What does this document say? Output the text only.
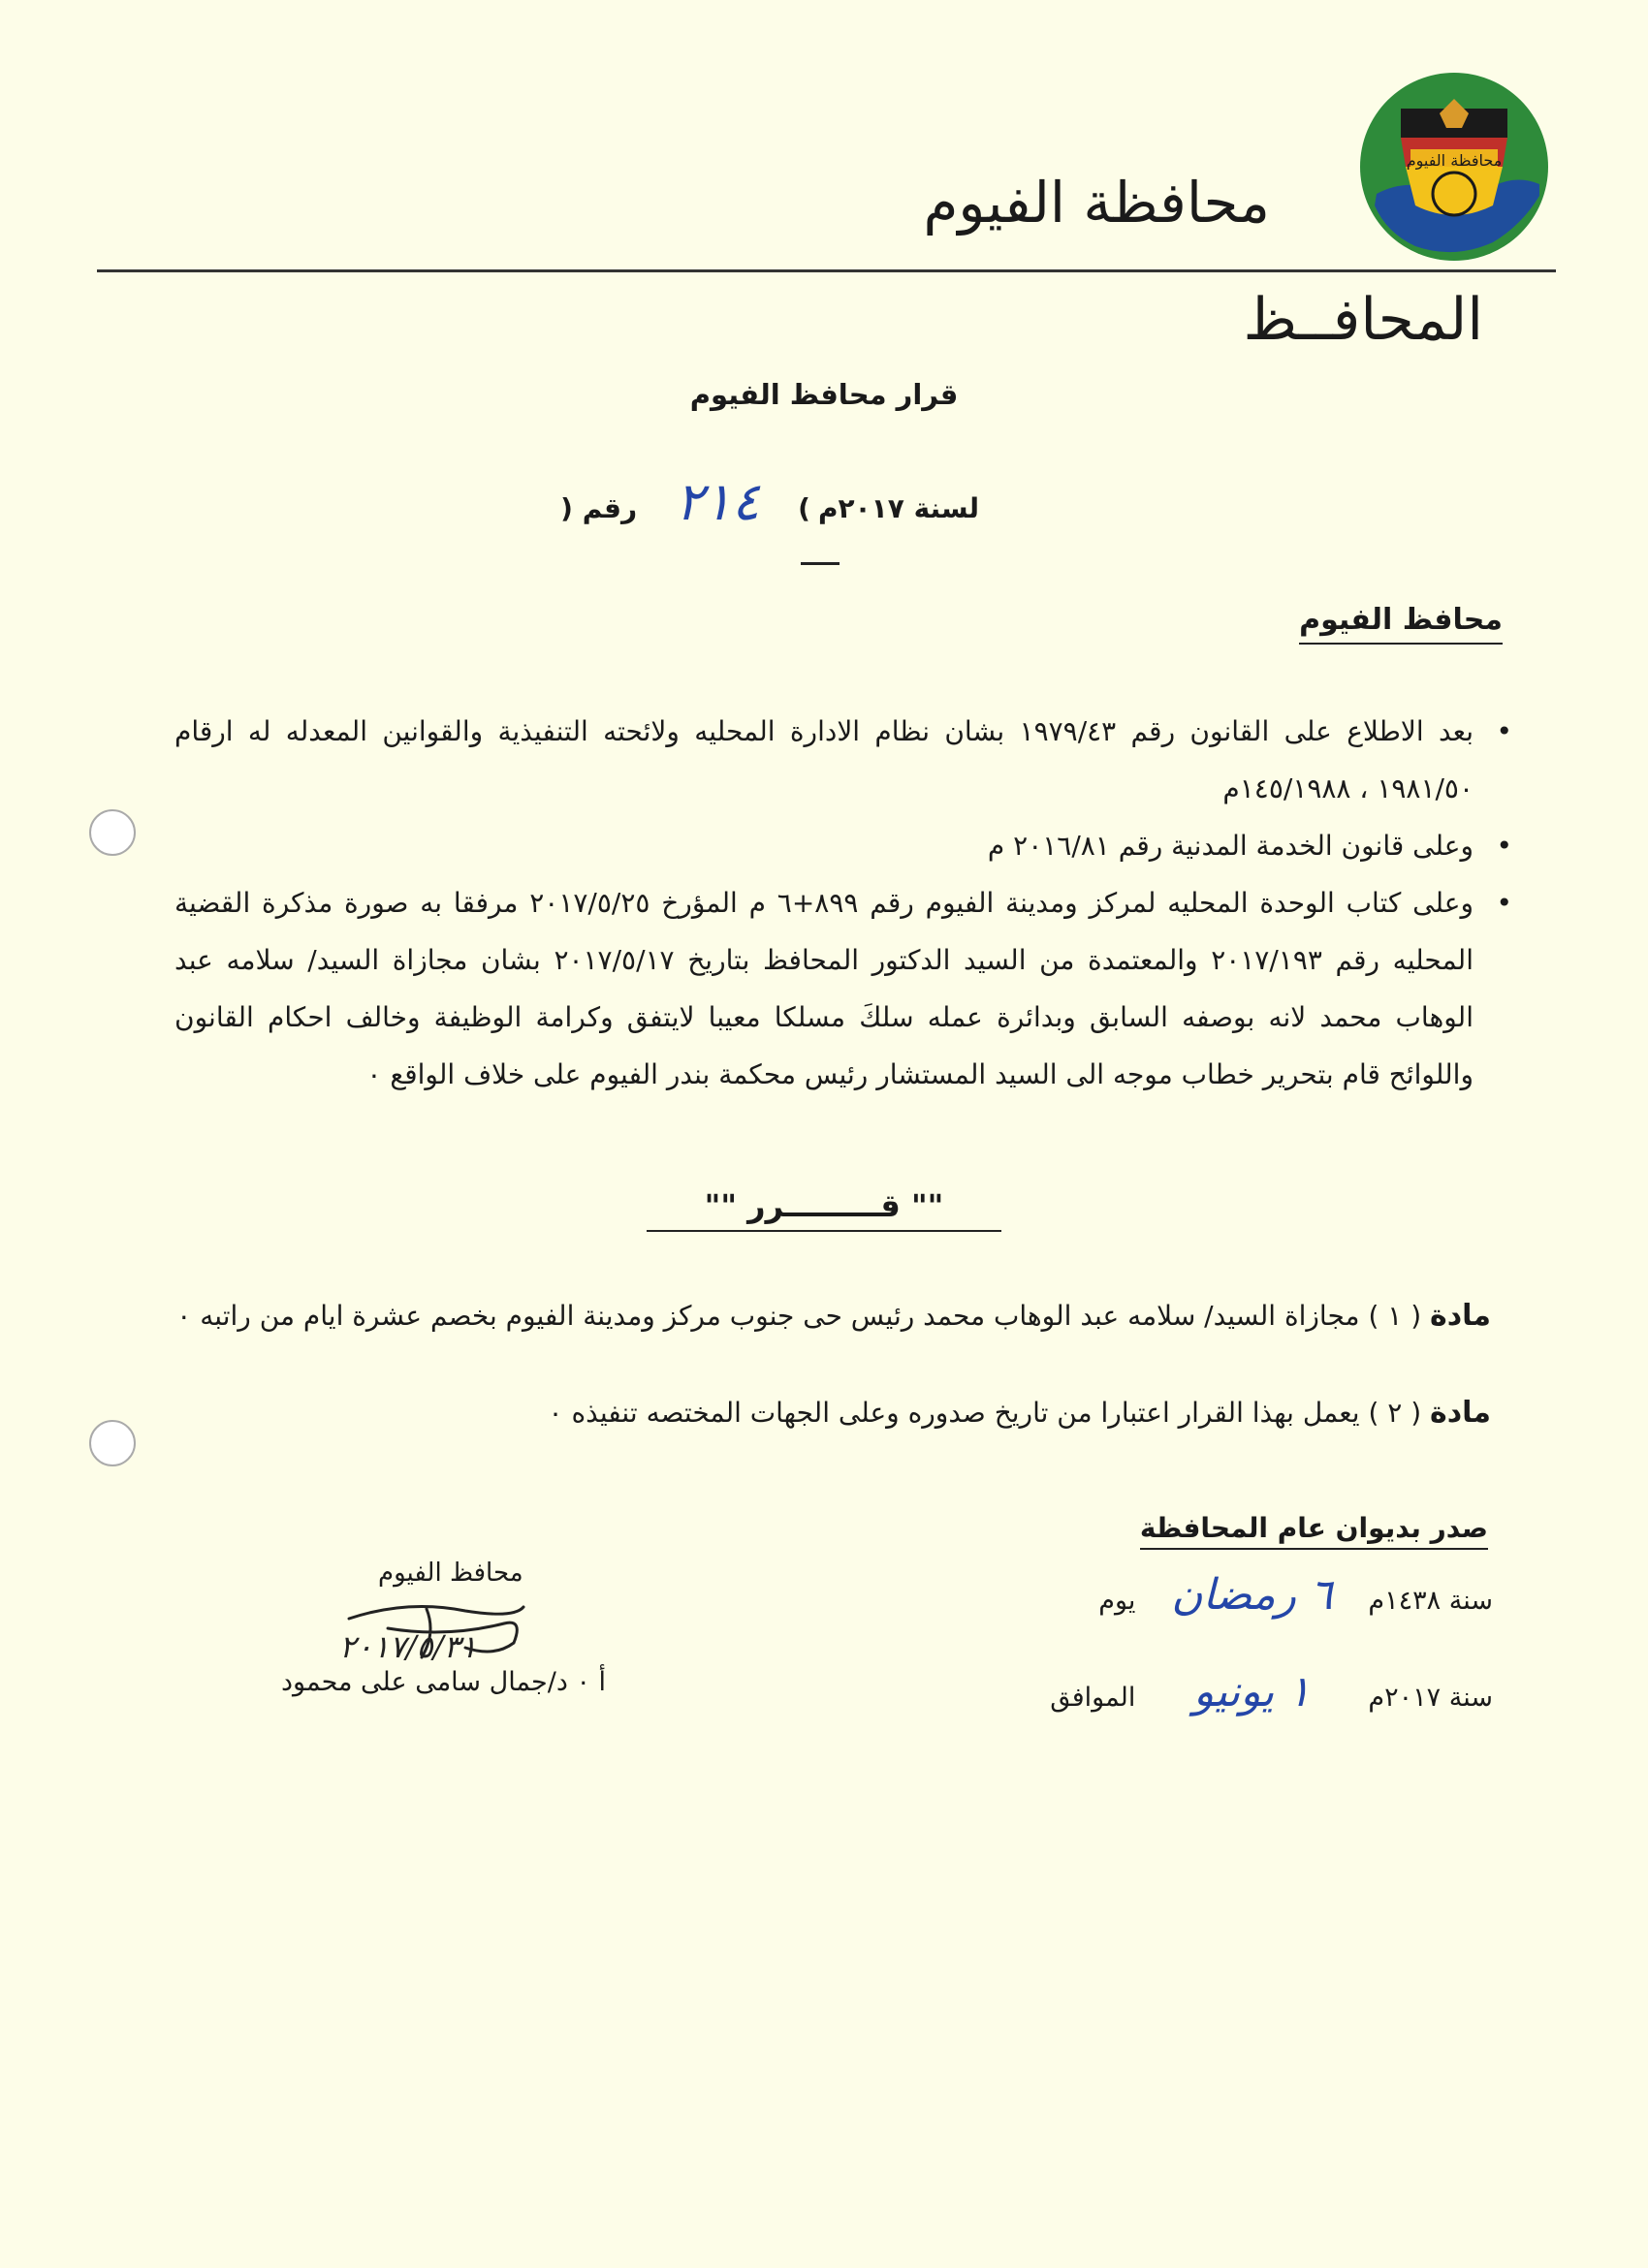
محافظة الفيوم
محافظة الفيوم
المحافــظ
قرار محافظ الفيوم
رقم ( ٢١٤	) لسنة ٢٠١٧م
محافظ الفيوم

• بعد الاطلاع على القانون رقم ١٩٧٩/٤٣ بشان نظام الادارة المحليه ولائحته التنفيذية والقوانين المعدله له ارقام ١٩٨١/٥٠ ، ١٤٥/١٩٨٨م

• وعلى قانون الخدمة المدنية رقم ٢٠١٦/٨١ م

• وعلى كتاب الوحدة المحليه لمركز ومدينة الفيوم رقم ٨٩٩+٦ م المؤرخ ٢٠١٧/٥/٢٥ مرفقا به صورة مذكرة القضية المحليه رقم ٢٠١٧/١٩٣ والمعتمدة من السيد الدكتور المحافظ بتاريخ ٢٠١٧/٥/١٧ بشان مجازاة السيد/ سلامه عبد الوهاب محمد لانه بوصفه السابق وبدائرة عمله سلكَ مسلكا معيبا لايتفق وكرامة الوظيفة وخالف احكام القانون واللوائح قام بتحرير خطاب موجه الى السيد المستشار رئيس محكمة بندر الفيوم على خلاف الواقع ٠

"" قـــــــــرر ""
مادة ( ١ ) مجازاة السيد/ سلامه عبد الوهاب محمد رئيس حى جنوب مركز ومدينة الفيوم بخصم عشرة ايام من راتبه ٠
مادة ( ٢ ) يعمل بهذا القرار اعتبارا من تاريخ صدوره وعلى الجهات المختصه تنفيذه ٠
صدر بديوان عام المحافظة
يوم ٦ رمضان	سنة ١٤٣٨م
الموافق	١ يونيو	سنة ٢٠١٧م
محافظ الفيوم
٢٠١٧/٥/٣١
أ ٠ د/جمال سامى على محمود
